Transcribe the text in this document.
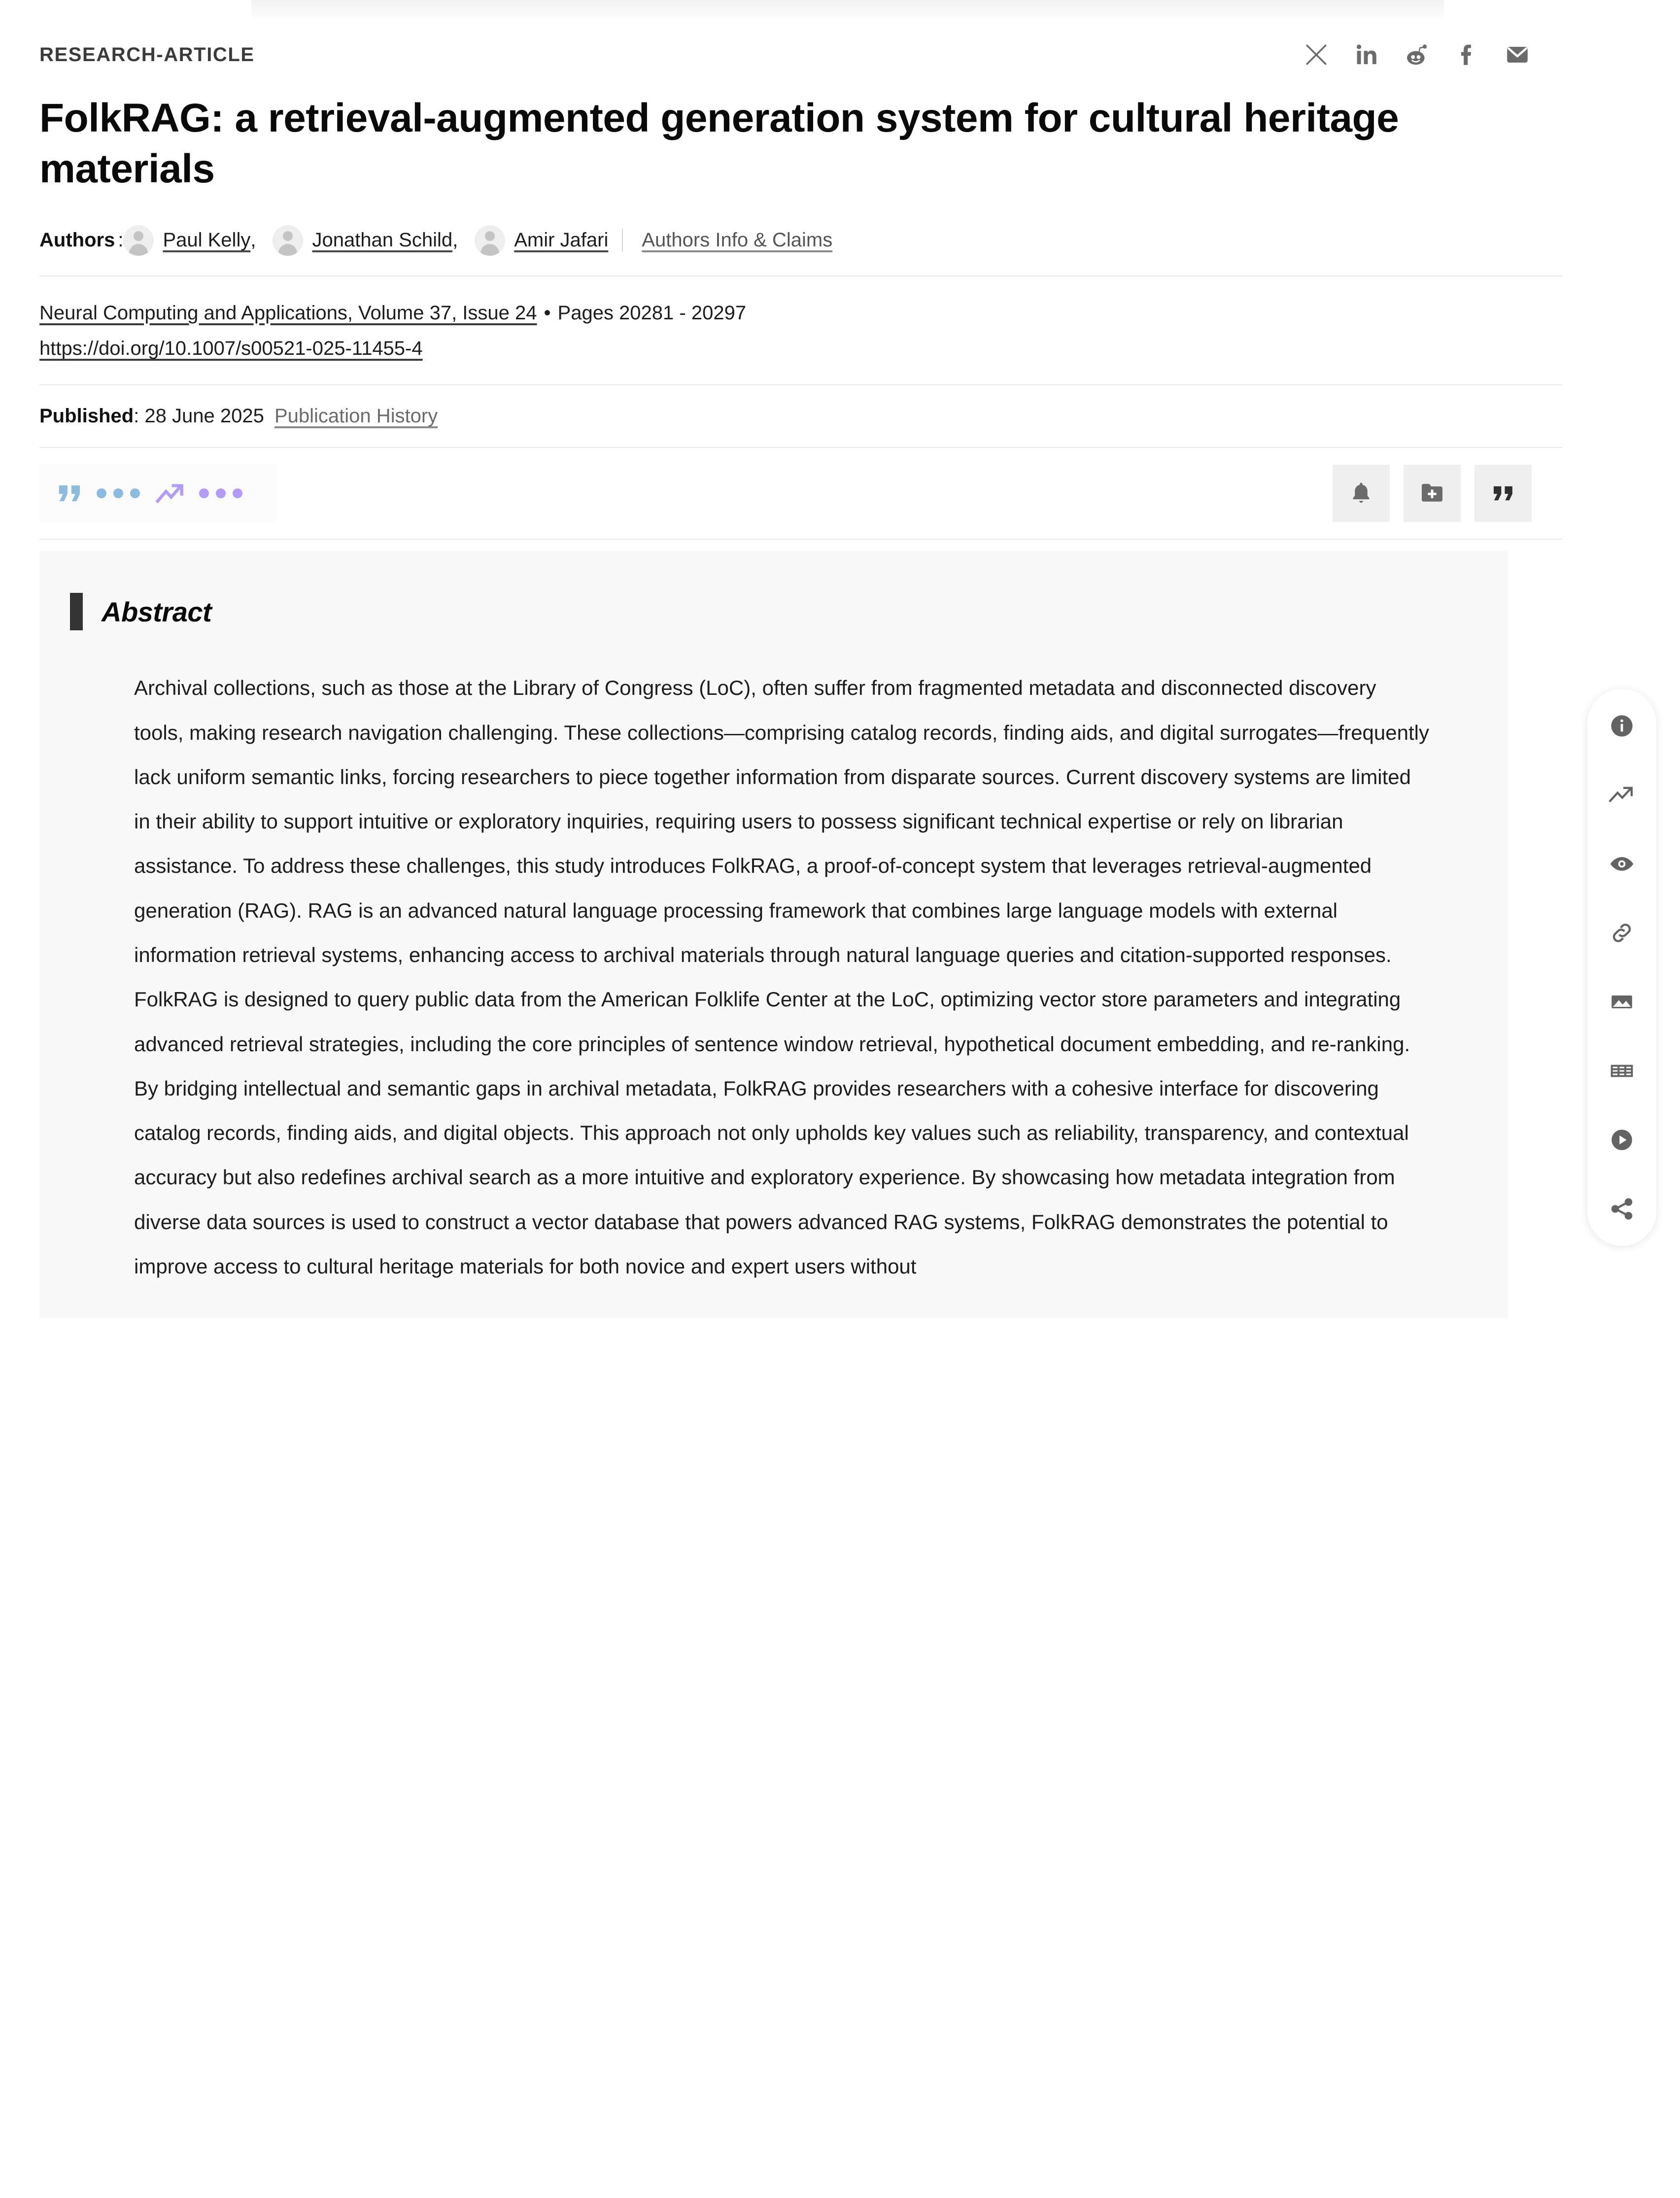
RESEARCH-ARTICLE
FolkRAG: a retrieval-augmented generation system for cultural heritage materials
Authors : Paul Kelly ,	Jonathan Schild ,	Amir Jafari Authors Info & Claims
Neural Computing and Applications, Volume 37, Issue 24 • Pages 20281 - 20297
https://doi.org/10.1007/s00521-025-11455-4
Published: 28 June 2025 Publication History
Abstract
Archival collections, such as those at the Library of Congress (LoC), often suffer from fragmented metadata and disconnected discovery tools, making research navigation challenging. These collections—comprising catalog records, finding aids, and digital surrogates—frequently lack uniform semantic links, forcing researchers to piece together information from disparate sources. Current discovery systems are limited in their ability to support intuitive or exploratory inquiries, requiring users to possess significant technical expertise or rely on librarian assistance. To address these challenges, this study introduces FolkRAG, a proof-of-concept system that leverages retrieval-augmented generation (RAG). RAG is an advanced natural language processing framework that combines large language models with external information retrieval systems, enhancing access to archival materials through natural language queries and citation-supported responses. FolkRAG is designed to query public data from the American Folklife Center at the LoC, optimizing vector store parameters and integrating advanced retrieval strategies, including the core principles of sentence window retrieval, hypothetical document embedding, and re-ranking. By bridging intellectual and semantic gaps in archival metadata, FolkRAG provides researchers with a cohesive interface for discovering catalog records, finding aids, and digital objects. This approach not only upholds key values such as reliability, transparency, and contextual accuracy but also redefines archival search as a more intuitive and exploratory experience. By showcasing how metadata integration from diverse data sources is used to construct a vector database that powers advanced RAG systems, FolkRAG demonstrates the potential to improve access to cultural heritage materials for both novice and expert users without
